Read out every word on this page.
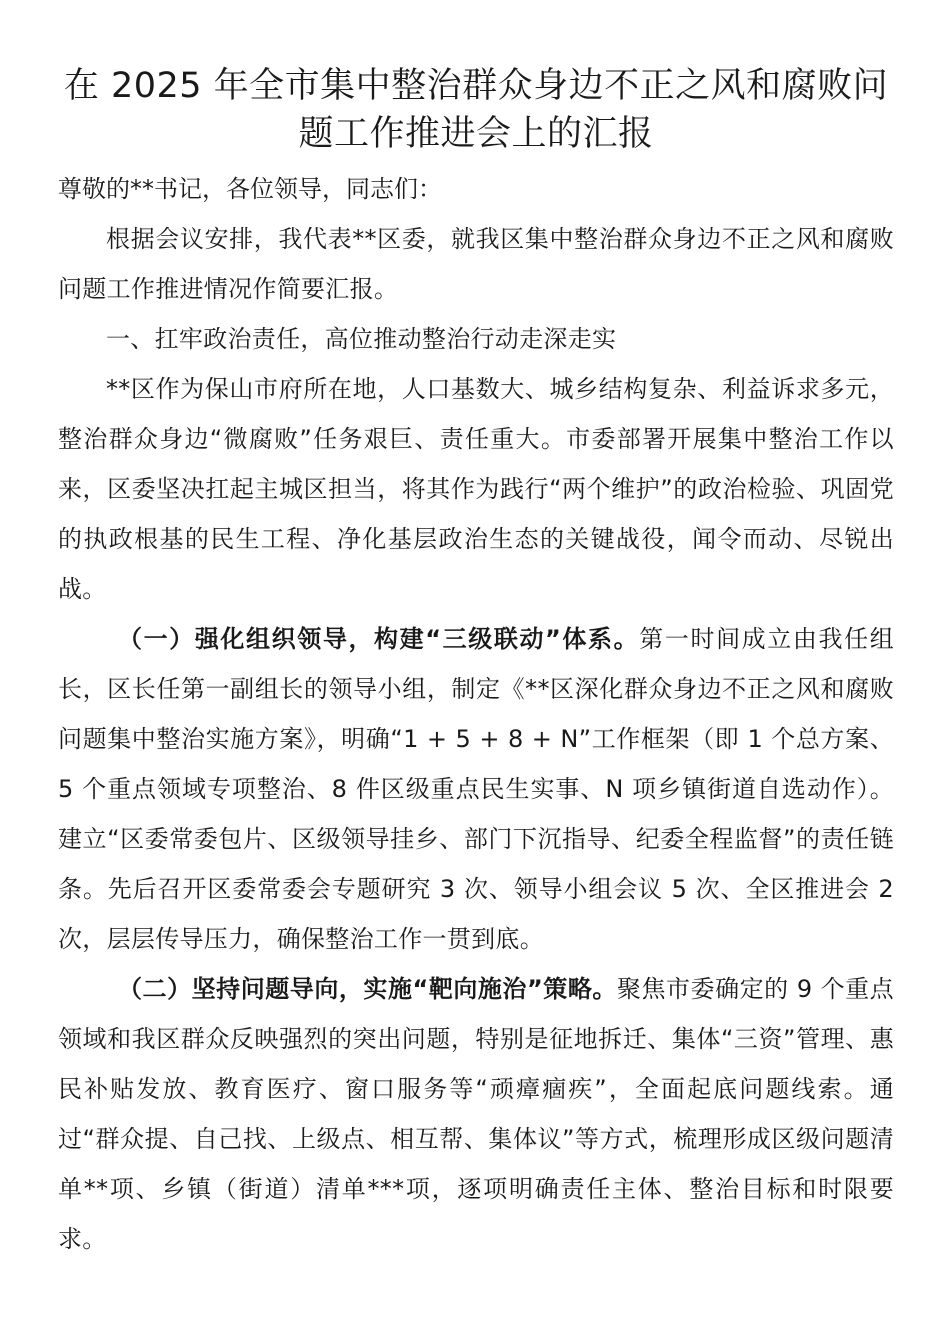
在 2025 年全市集中整治群众身边不正之风和腐败问
题工作推进会上的汇报

尊敬的**书记，各位领导，同志们：

根据会议安排，我代表**区委，就我区集中整治群众身边不正之风和腐败问题工作推进情况作简要汇报。

一、扛牢政治责任，高位推动整治行动走深走实

**区作为保山市府所在地，人口基数大、城乡结构复杂、利益诉求多元，整治群众身边“微腐败”任务艰巨、责任重大。市委部署开展集中整治工作以来，区委坚决扛起主城区担当，将其作为践行“两个维护”的政治检验、巩固党的执政根基的民生工程、净化基层政治生态的关键战役，闻令而动、尽锐出战。

（一）强化组织领导，构建“三级联动”体系。第一时间成立由我任组长，区长任第一副组长的领导小组，制定《**区深化群众身边不正之风和腐败问题集中整治实施方案》，明确“1 + 5 + 8 + N”工作框架（即 1 个总方案、5 个重点领域专项整治、8 件区级重点民生实事、N 项乡镇街道自选动作）。建立“区委常委包片、区级领导挂乡、部门下沉指导、纪委全程监督”的责任链条。先后召开区委常委会专题研究 3 次、领导小组会议 5 次、全区推进会 2 次，层层传导压力，确保整治工作一贯到底。

（二）坚持问题导向，实施“靶向施治”策略。聚焦市委确定的 9 个重点领域和我区群众反映强烈的突出问题，特别是征地拆迁、集体“三资”管理、惠民补贴发放、教育医疗、窗口服务等“顽瘴痼疾”，全面起底问题线索。通过“群众提、自己找、上级点、相互帮、集体议”等方式，梳理形成区级问题清单**项、乡镇（街道）清单***项，逐项明确责任主体、整治目标和时限要求。
